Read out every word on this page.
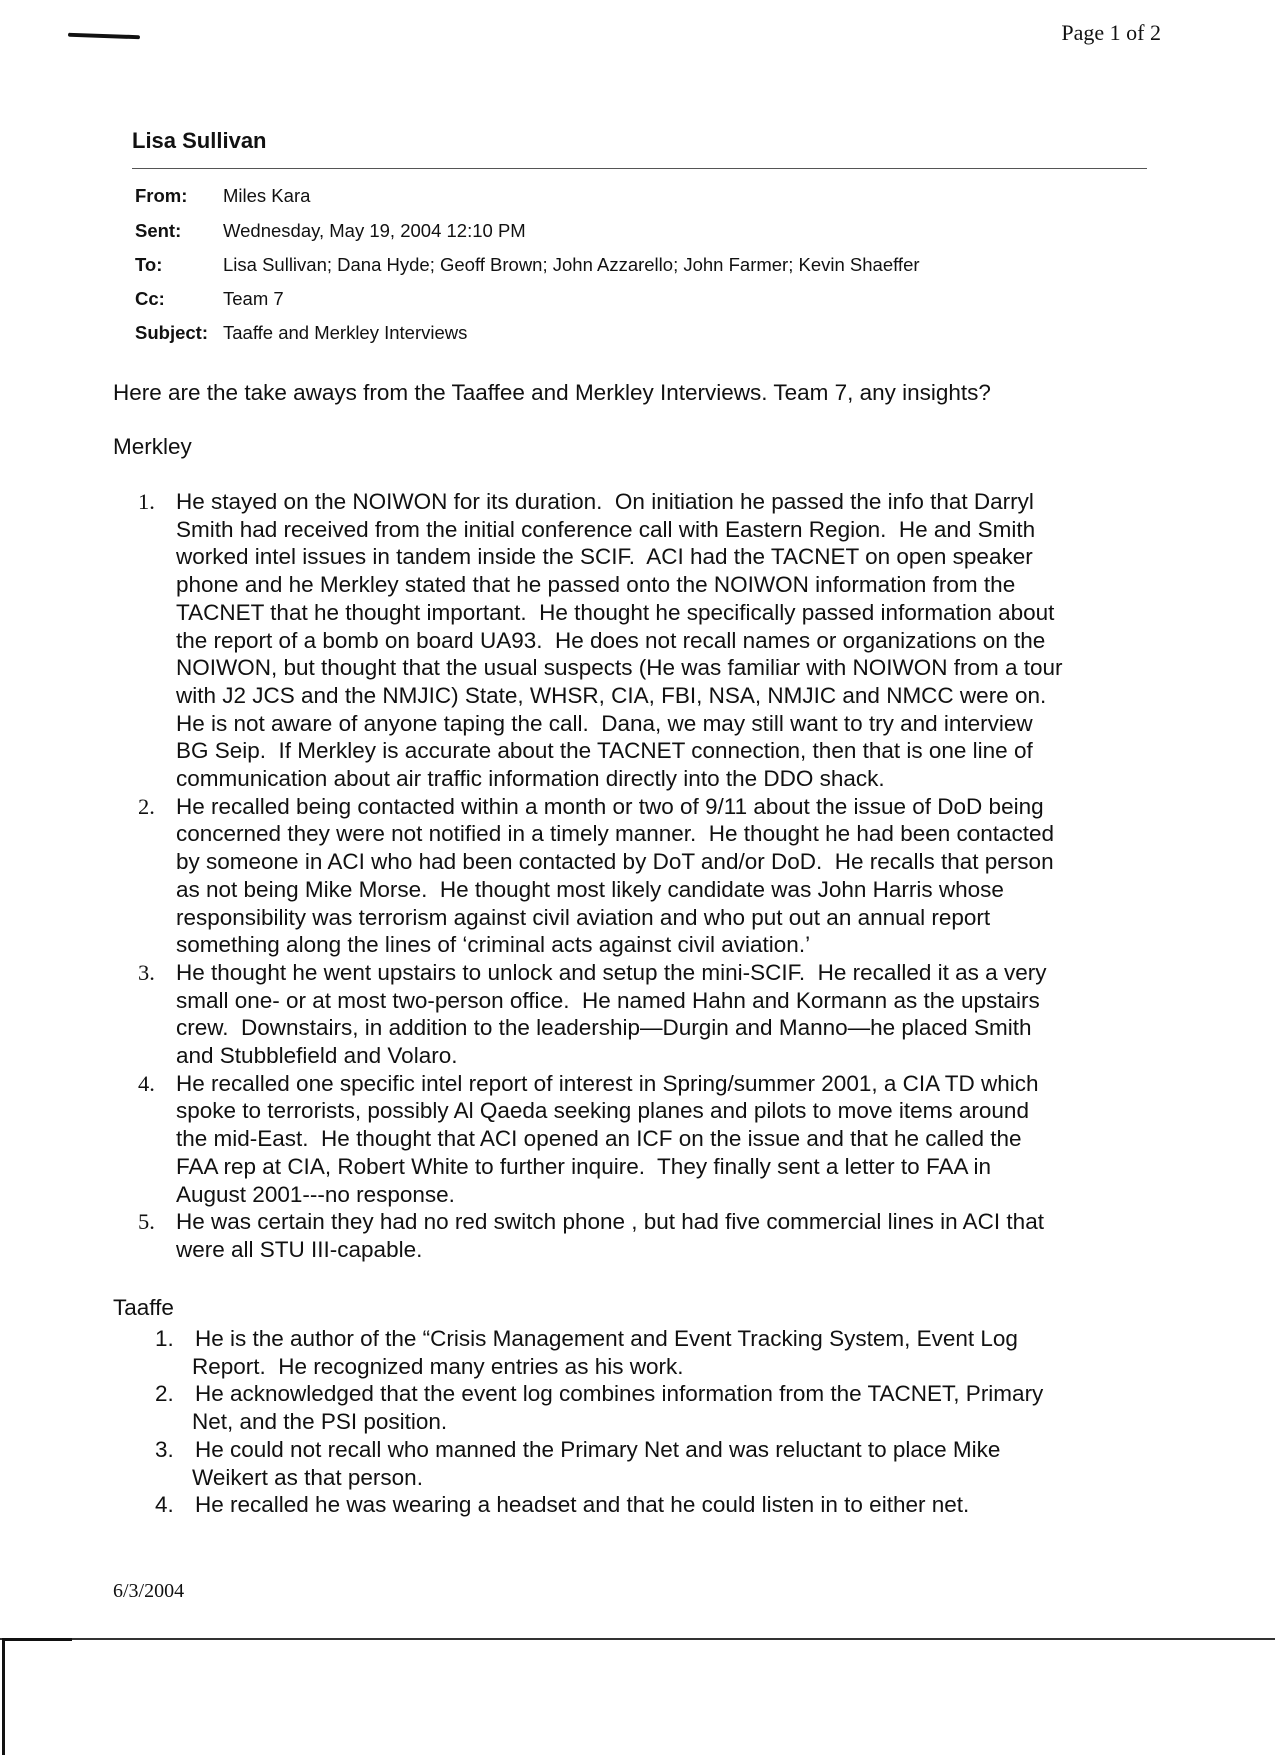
Page 1 of 2
Lisa Sullivan
From: Miles Kara
Sent: Wednesday, May 19, 2004 12:10 PM
To:	Lisa Sullivan; Dana Hyde; Geoff Brown; John Azzarello; John Farmer; Kevin Shaeffer
Cc:	Team 7
Subject: Taaffe and Merkley Interviews
Here are the take aways from the Taaffee and Merkley Interviews. Team 7, any insights?
Merkley
1. He stayed on the NOIWON for its duration.  On initiation he passed the info that Darryl
Smith had received from the initial conference call with Eastern Region.  He and Smith
worked intel issues in tandem inside the SCIF.  ACI had the TACNET on open speaker
phone and he Merkley stated that he passed onto the NOIWON information from the
TACNET that he thought important.  He thought he specifically passed information about
the report of a bomb on board UA93.  He does not recall names or organizations on the
NOIWON, but thought that the usual suspects (He was familiar with NOIWON from a tour
with J2 JCS and the NMJIC) State, WHSR, CIA, FBI, NSA, NMJIC and NMCC were on.
He is not aware of anyone taping the call.  Dana, we may still want to try and interview
BG Seip.  If Merkley is accurate about the TACNET connection, then that is one line of
communication about air traffic information directly into the DDO shack.
2. He recalled being contacted within a month or two of 9/11 about the issue of DoD being
concerned they were not notified in a timely manner.  He thought he had been contacted
by someone in ACI who had been contacted by DoT and/or DoD.  He recalls that person
as not being Mike Morse.  He thought most likely candidate was John Harris whose
responsibility was terrorism against civil aviation and who put out an annual report
something along the lines of ‘criminal acts against civil aviation.’
3. He thought he went upstairs to unlock and setup the mini-SCIF.  He recalled it as a very
small one- or at most two-person office.  He named Hahn and Kormann as the upstairs
crew.  Downstairs, in addition to the leadership—Durgin and Manno—he placed Smith
and Stubblefield and Volaro.
4. He recalled one specific intel report of interest in Spring/summer 2001, a CIA TD which
spoke to terrorists, possibly Al Qaeda seeking planes and pilots to move items around
the mid-East.  He thought that ACI opened an ICF on the issue and that he called the
FAA rep at CIA, Robert White to further inquire.  They finally sent a letter to FAA in
August 2001---no response.
5. He was certain they had no red switch phone , but had five commercial lines in ACI that
were all STU III-capable.
Taaffe
1. He is the author of the “Crisis Management and Event Tracking System, Event Log
Report.  He recognized many entries as his work.
2. He acknowledged that the event log combines information from the TACNET, Primary
Net, and the PSI position.
3. He could not recall who manned the Primary Net and was reluctant to place Mike
Weikert as that person.
4. He recalled he was wearing a headset and that he could listen in to either net.
6/3/2004
